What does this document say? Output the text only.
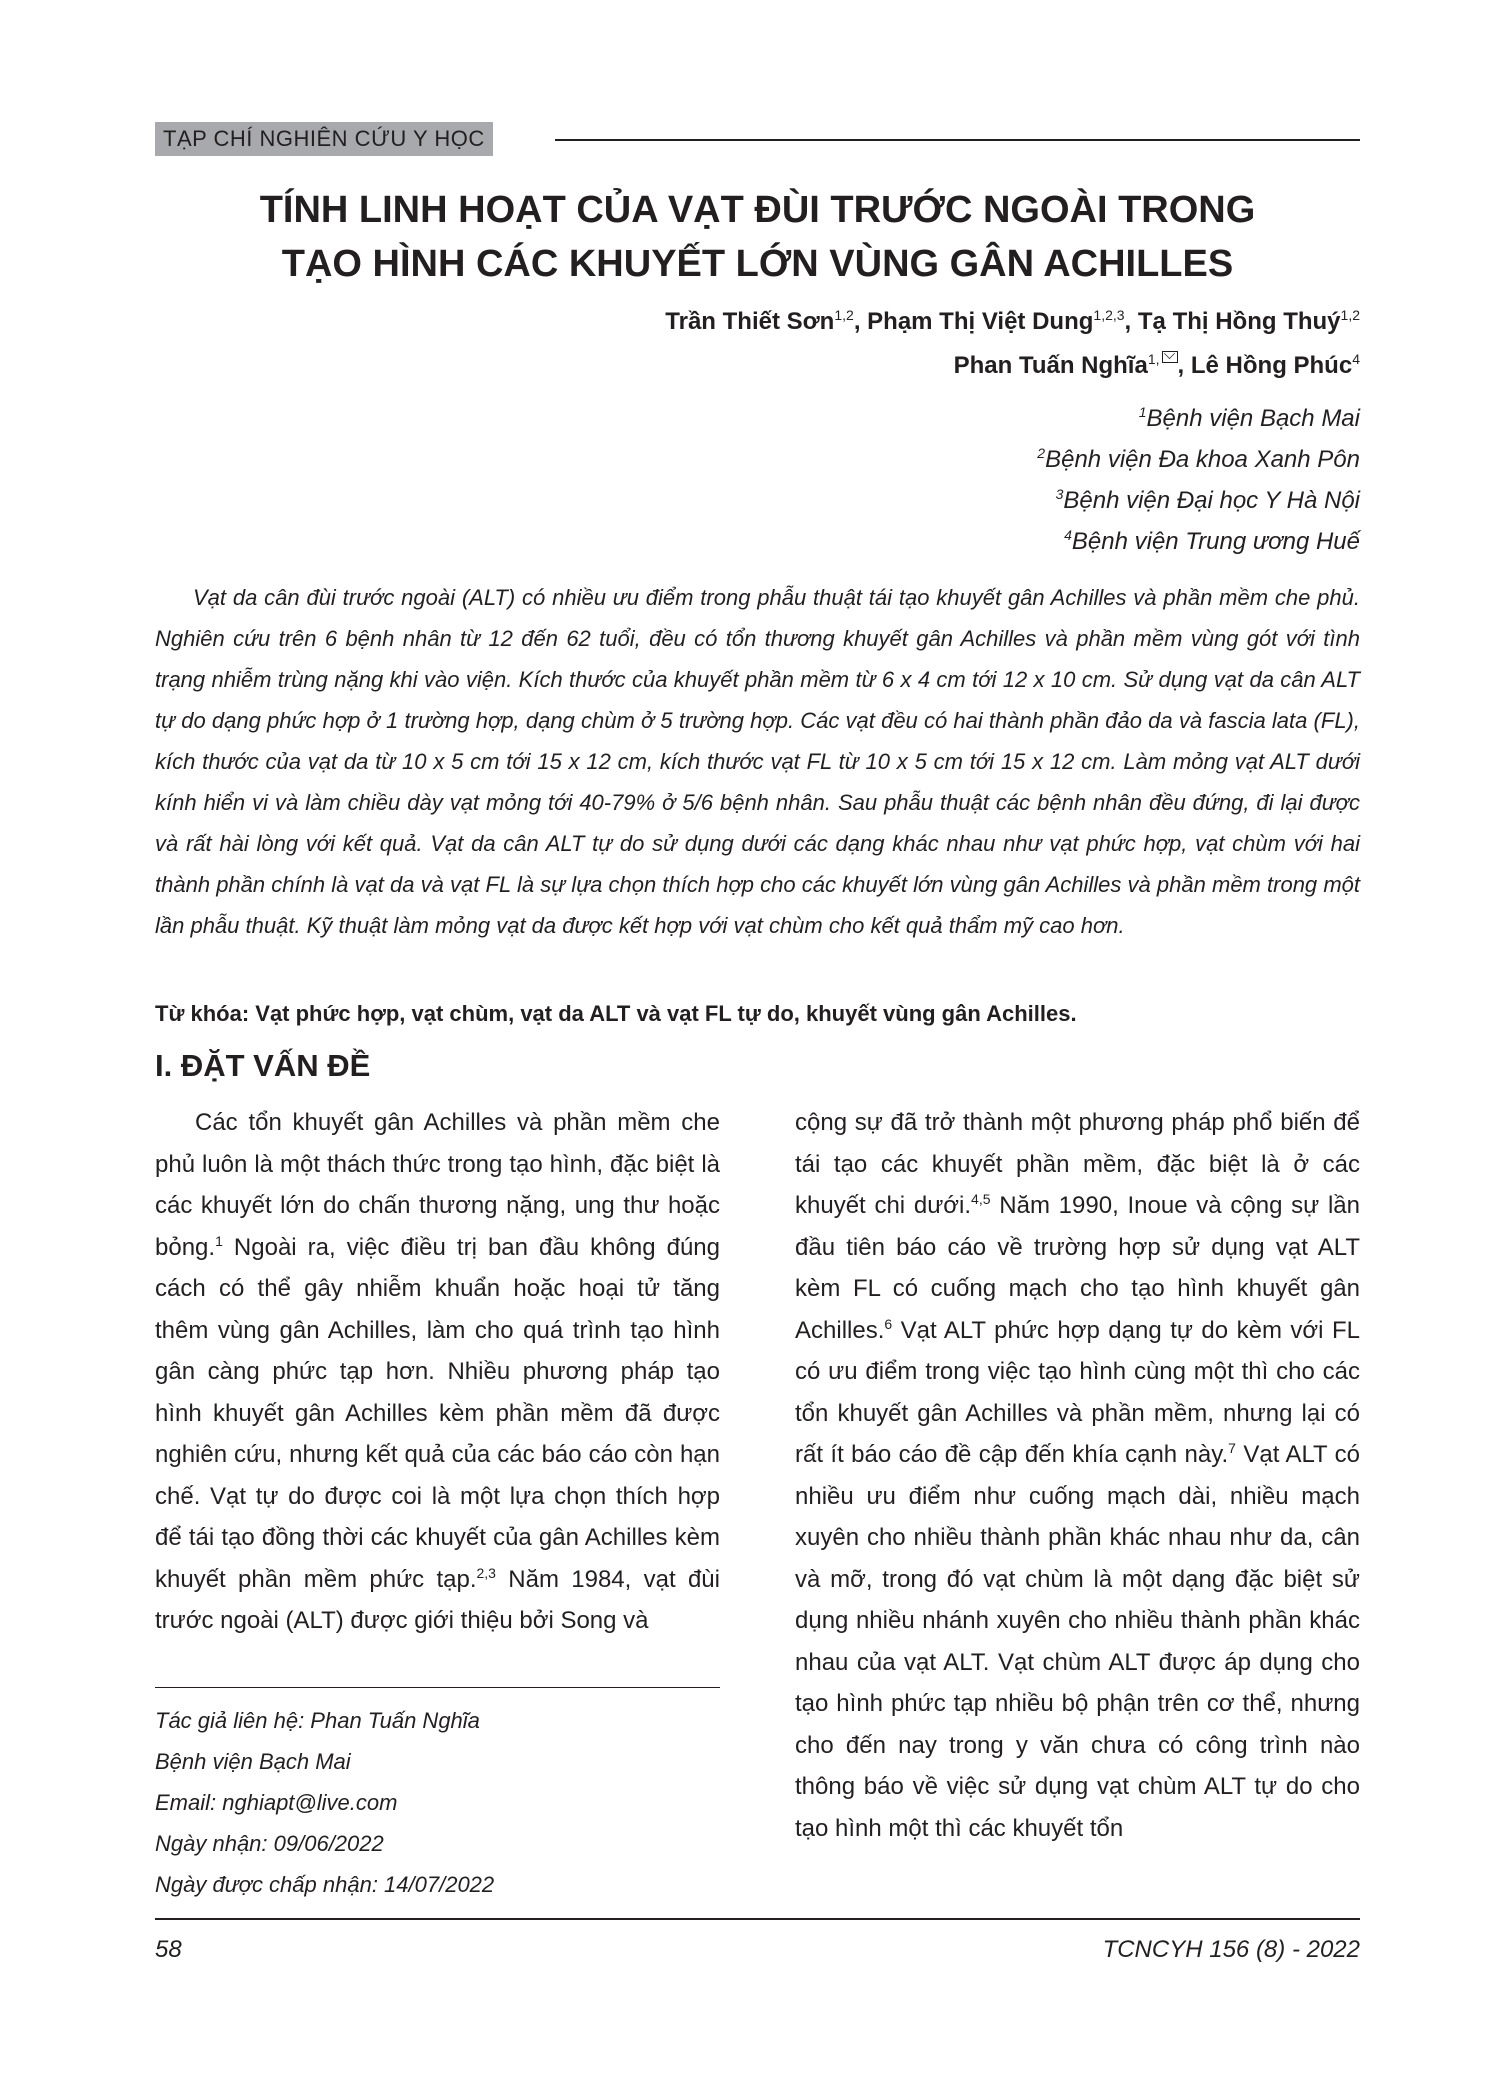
TẠP CHÍ NGHIÊN CỨU Y HỌC
TÍNH LINH HOẠT CỦA VẠT ĐÙI TRƯỚC NGOÀI TRONG
TẠO HÌNH CÁC KHUYẾT LỚN VÙNG GÂN ACHILLES
Trần Thiết Sơn$^{1,2}$, Phạm Thị Việt Dung$^{1,2,3}$, Tạ Thị Hồng Thuý$^{1,2}$
Phan Tuấn Nghĩa$^{1,}$ , Lê Hồng Phúc$^4$
$^1$Bệnh viện Bạch Mai
$^2$Bệnh viện Đa khoa Xanh Pôn
$^3$Bệnh viện Đại học Y Hà Nội
$^4$Bệnh viện Trung ương Huế

Vạt da cân đùi trước ngoài (ALT) có nhiều ưu điểm trong phẫu thuật tái tạo khuyết gân Achilles và phần mềm che phủ. Nghiên cứu trên 6 bệnh nhân từ 12 đến 62 tuổi, đều có tổn thương khuyết gân Achilles và phần mềm vùng gót với tình trạng nhiễm trùng nặng khi vào viện. Kích thước của khuyết phần mềm từ 6 x 4 cm tới 12 x 10 cm. Sử dụng vạt da cân ALT tự do dạng phức hợp ở 1 trường hợp, dạng chùm ở 5 trường hợp. Các vạt đều có hai thành phần đảo da và fascia lata (FL), kích thước của vạt da từ 10 x 5 cm tới 15 x 12 cm, kích thước vạt FL từ 10 x 5 cm tới 15 x 12 cm. Làm mỏng vạt ALT dưới kính hiển vi và làm chiều dày vạt mỏng tới 40-79% ở 5/6 bệnh nhân. Sau phẫu thuật các bệnh nhân đều đứng, đi lại được và rất hài lòng với kết quả. Vạt da cân ALT tự do sử dụng dưới các dạng khác nhau như vạt phức hợp, vạt chùm với hai thành phần chính là vạt da và vạt FL là sự lựa chọn thích hợp cho các khuyết lớn vùng gân Achilles và phần mềm trong một lần phẫu thuật. Kỹ thuật làm mỏng vạt da được kết hợp với vạt chùm cho kết quả thẩm mỹ cao hơn.

Từ khóa: Vạt phức hợp, vạt chùm, vạt da ALT và vạt FL tự do, khuyết vùng gân Achilles.
I. ĐẶT VẤN ĐỀ

Các tổn khuyết gân Achilles và phần mềm che phủ luôn là một thách thức trong tạo hình, đặc biệt là các khuyết lớn do chấn thương nặng, ung thư hoặc bỏng.$^1$ Ngoài ra, việc điều trị ban đầu không đúng cách có thể gây nhiễm khuẩn hoặc hoại tử tăng thêm vùng gân Achilles, làm cho quá trình tạo hình gân càng phức tạp hơn. Nhiều phương pháp tạo hình khuyết gân Achilles kèm phần mềm đã được nghiên cứu, nhưng kết quả của các báo cáo còn hạn chế. Vạt tự do được coi là một lựa chọn thích hợp để tái tạo đồng thời các khuyết của gân Achilles kèm khuyết phần mềm phức tạp.$^{2,3}$ Năm 1984, vạt đùi trước ngoài (ALT) được giới thiệu bởi Song và

cộng sự đã trở thành một phương pháp phổ biến để tái tạo các khuyết phần mềm, đặc biệt là ở các khuyết chi dưới.$^{4,5}$ Năm 1990, Inoue và cộng sự lần đầu tiên báo cáo về trường hợp sử dụng vạt ALT kèm FL có cuống mạch cho tạo hình khuyết gân Achilles.$^6$ Vạt ALT phức hợp dạng tự do kèm với FL có ưu điểm trong việc tạo hình cùng một thì cho các tổn khuyết gân Achilles và phần mềm, nhưng lại có rất ít báo cáo đề cập đến khía cạnh này.$^7$ Vạt ALT có nhiều ưu điểm như cuống mạch dài, nhiều mạch xuyên cho nhiều thành phần khác nhau như da, cân và mỡ, trong đó vạt chùm là một dạng đặc biệt sử dụng nhiều nhánh xuyên cho nhiều thành phần khác nhau của vạt ALT. Vạt chùm ALT được áp dụng cho tạo hình phức tạp nhiều bộ phận trên cơ thể, nhưng cho đến nay trong y văn chưa có công trình nào thông báo về việc sử dụng vạt chùm ALT tự do cho tạo hình một thì các khuyết tổn

Tác giả liên hệ: Phan Tuấn Nghĩa
Bệnh viện Bạch Mai
Email: nghiapt@live.com
Ngày nhận: 09/06/2022
Ngày được chấp nhận: 14/07/2022
58	TCNCYH 156 (8) - 2022
